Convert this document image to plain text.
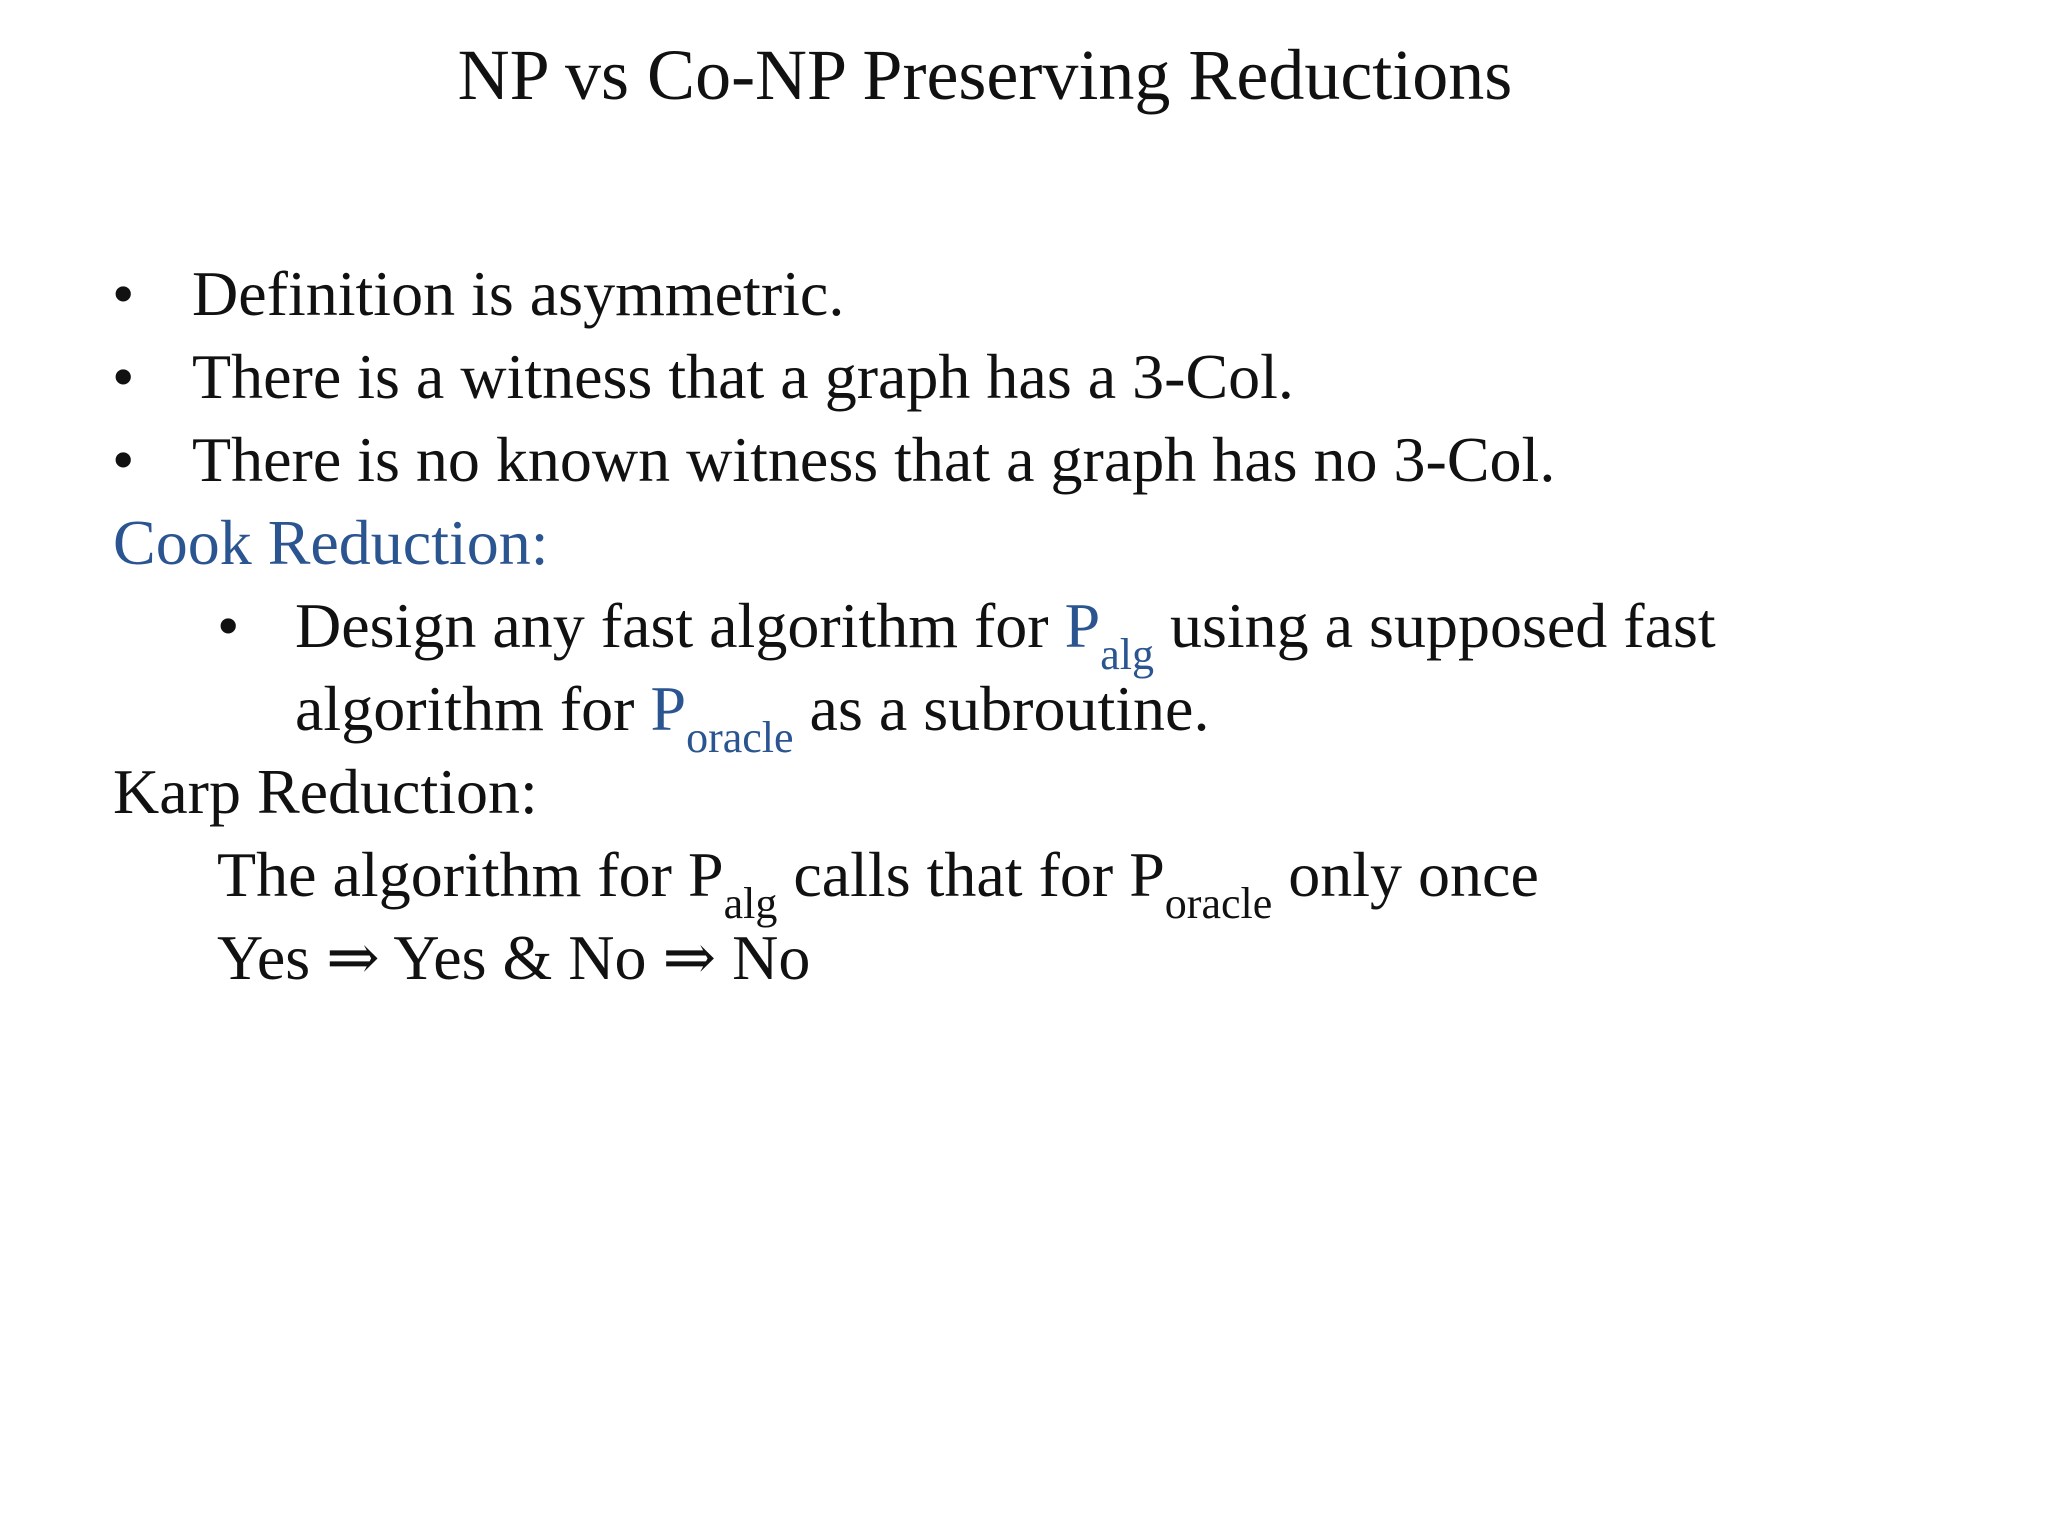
NP vs Co-NP Preserving Reductions
• Definition is asymmetric.
• There is a witness that a graph has a 3-Col.
• There is no known witness that a graph has no 3-Col.
Cook Reduction:
• Design any fast algorithm for $P_{alg}$ using a supposed fast
algorithm for $P_{oracle}$ as a subroutine.
Karp Reduction:
The algorithm for $P_{alg}$ calls that for $P_{oracle}$ only once
Yes ⇒ Yes & No ⇒ No
